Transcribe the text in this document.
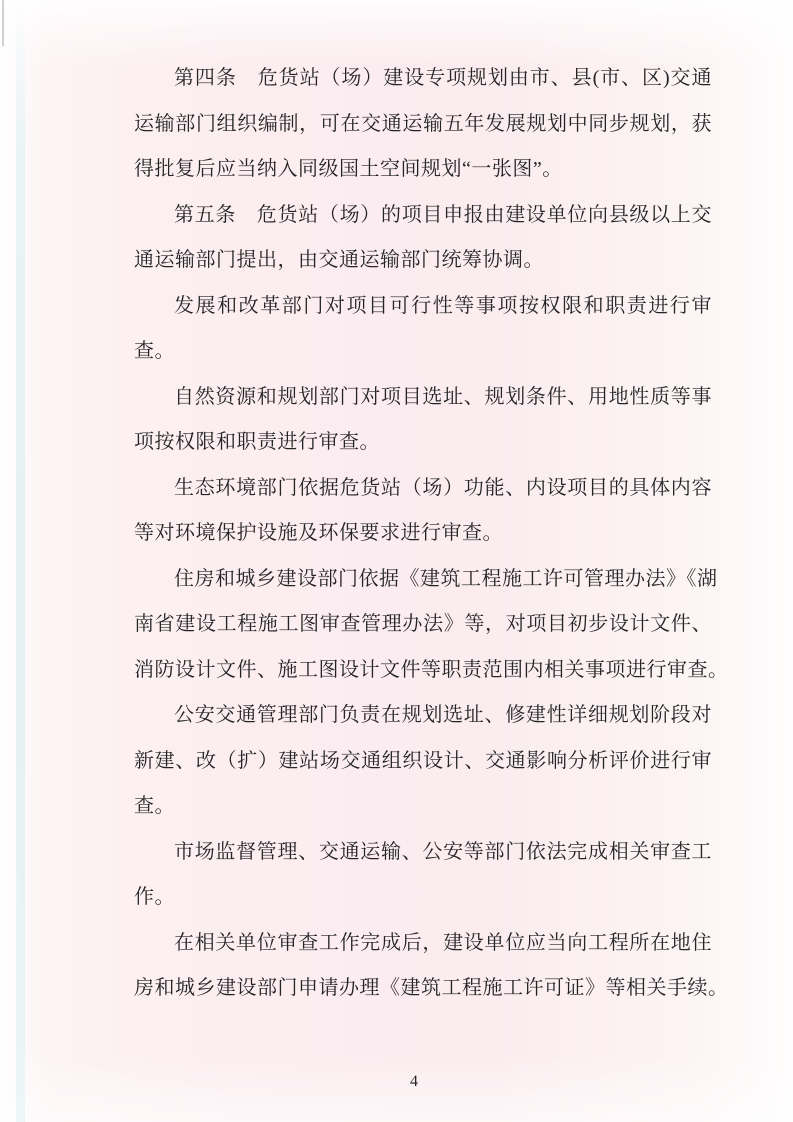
第四条　危货站（场）建设专项规划由市、县(市、区)交通
运输部门组织编制，可在交通运输五年发展规划中同步规划，获
得批复后应当纳入同级国土空间规划“一张图”。
第五条　危货站（场）的项目申报由建设单位向县级以上交
通运输部门提出，由交通运输部门统筹协调。
发展和改革部门对项目可行性等事项按权限和职责进行审
查。
自然资源和规划部门对项目选址、规划条件、用地性质等事
项按权限和职责进行审查。
生态环境部门依据危货站（场）功能、内设项目的具体内容
等对环境保护设施及环保要求进行审查。
住房和城乡建设部门依据《建筑工程施工许可管理办法》《湖
南省建设工程施工图审查管理办法》等，对项目初步设计文件、
消防设计文件、施工图设计文件等职责范围内相关事项进行审查。
公安交通管理部门负责在规划选址、修建性详细规划阶段对
新建、改（扩）建站场交通组织设计、交通影响分析评价进行审
查。
市场监督管理、交通运输、公安等部门依法完成相关审查工
作。
在相关单位审查工作完成后，建设单位应当向工程所在地住
房和城乡建设部门申请办理《建筑工程施工许可证》等相关手续。
4
